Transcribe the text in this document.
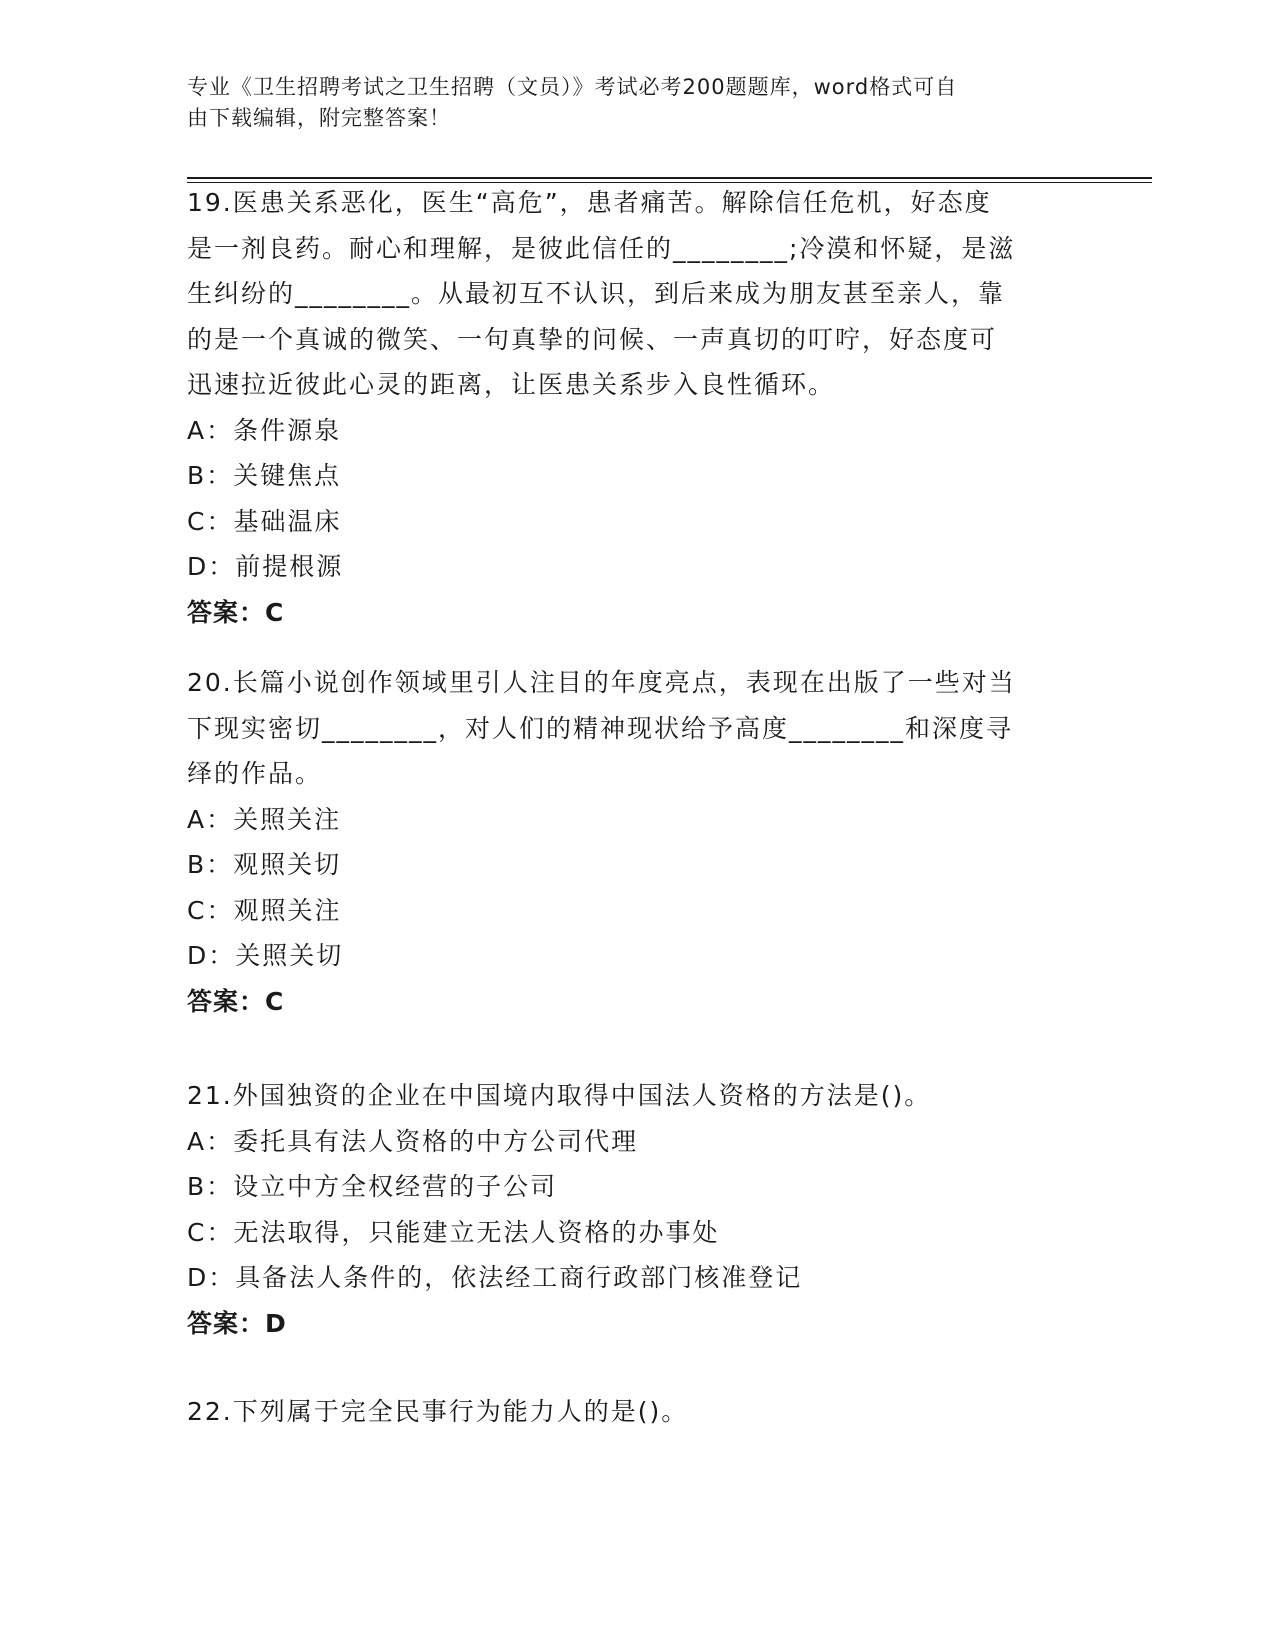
专业《卫生招聘考试之卫生招聘（文员）》考试必考200题题库，word格式可自
由下载编辑，附完整答案！

19.医患关系恶化，医生“高危”，患者痛苦。解除信任危机，好态度

是一剂良药。耐心和理解，是彼此信任的________;冷漠和怀疑，是滋

生纠纷的________。从最初互不认识，到后来成为朋友甚至亲人，靠

的是一个真诚的微笑、一句真挚的问候、一声真切的叮咛，好态度可

迅速拉近彼此心灵的距离，让医患关系步入良性循环。

A：条件源泉

B：关键焦点

C：基础温床

D：前提根源

答案：C

20.长篇小说创作领域里引人注目的年度亮点，表现在出版了一些对当

下现实密切________，对人们的精神现状给予高度________和深度寻

绎的作品。

A：关照关注

B：观照关切

C：观照关注

D：关照关切

答案：C

21.外国独资的企业在中国境内取得中国法人资格的方法是()。

A：委托具有法人资格的中方公司代理

B：设立中方全权经营的子公司

C：无法取得，只能建立无法人资格的办事处

D：具备法人条件的，依法经工商行政部门核准登记

答案：D

22.下列属于完全民事行为能力人的是()。
